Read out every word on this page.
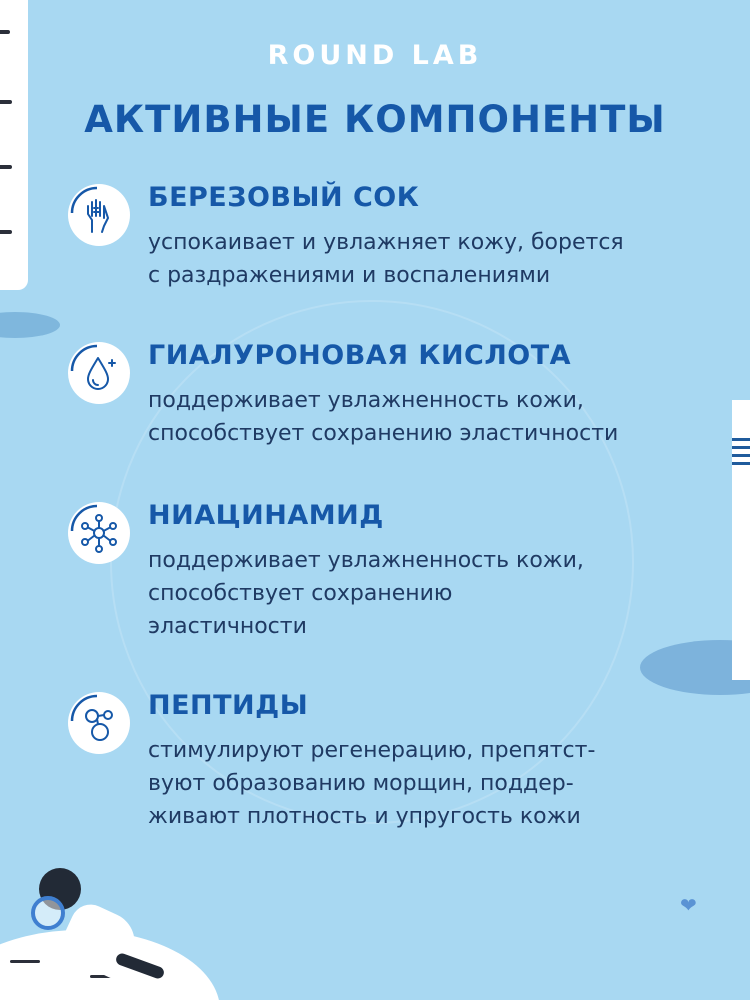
❤
ROUND LAB
АКТИВНЫЕ КОМПОНЕНТЫ
БЕРЕЗОВЫЙ СОК
успокаивает и увлажняет кожу, борется
с раздражениями и воспалениями
ГИАЛУРОНОВАЯ КИСЛОТА
поддерживает увлажненность кожи,
способствует сохранению эластичности
НИАЦИНАМИД
поддерживает увлажненность кожи,
способствует сохранению
эластичности
ПЕПТИДЫ
стимулируют регенерацию, препятст-
вуют образованию морщин, поддер-
живают плотность и упругость кожи
